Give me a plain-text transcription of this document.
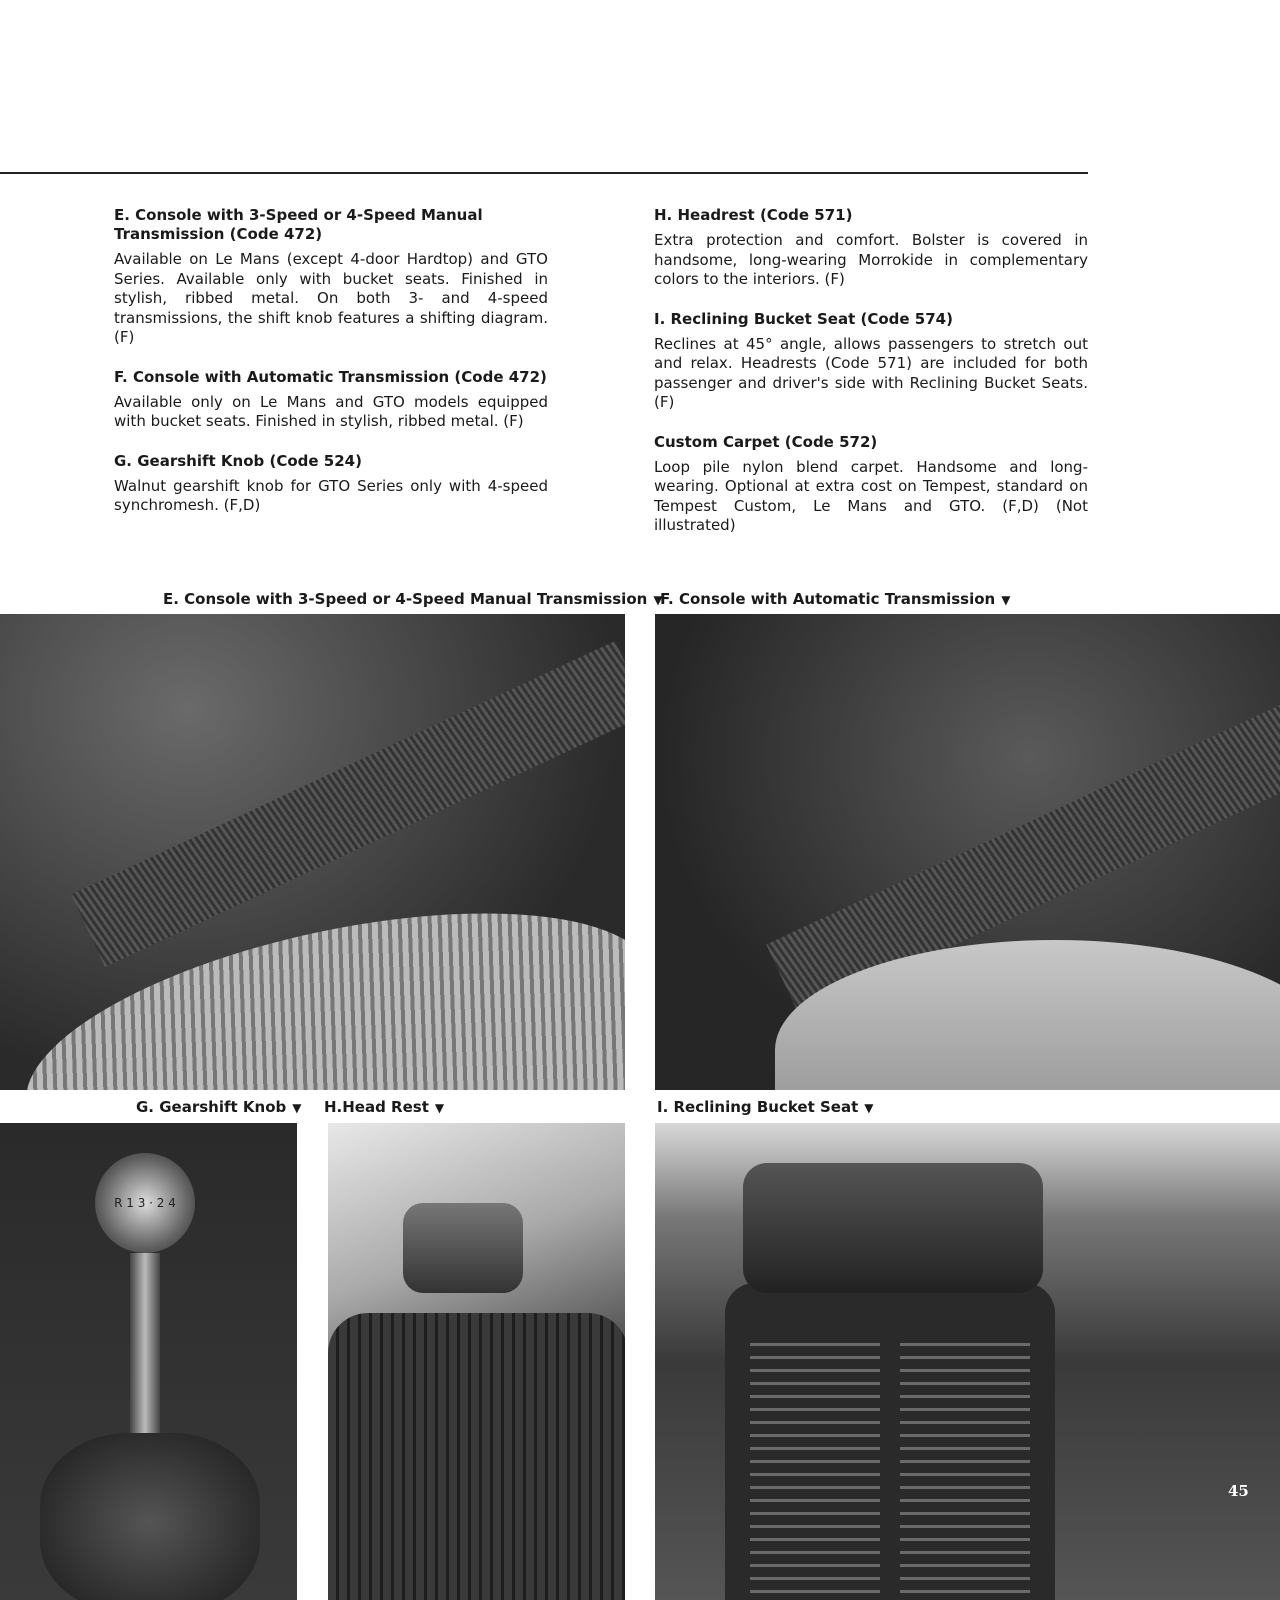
E. Console with 3-Speed or 4-Speed Manual Transmission (Code 472)

Available on Le Mans (except 4-door Hardtop) and GTO Series. Available only with bucket seats. Finished in stylish, ribbed metal. On both 3- and 4-speed transmissions, the shift knob features a shifting diagram. (F)

F. Console with Automatic Transmission (Code 472)

Available only on Le Mans and GTO models equipped with bucket seats. Finished in stylish, ribbed metal. (F)

G. Gearshift Knob (Code 524)

Walnut gearshift knob for GTO Series only with 4-speed synchromesh. (F,D)

H. Headrest (Code 571)

Extra protection and comfort. Bolster is covered in handsome, long-wearing Morrokide in complementary colors to the interiors. (F)

I. Reclining Bucket Seat (Code 574)

Reclines at 45° angle, allows passengers to stretch out and relax. Headrests (Code 571) are included for both passenger and driver's side with Reclining Bucket Seats. (F)

Custom Carpet (Code 572)

Loop pile nylon blend carpet. Handsome and long-wearing. Optional at extra cost on Tempest, standard on Tempest Custom, Le Mans and GTO. (F,D) (Not illustrated)

E. Console with 3-Speed or 4-Speed Manual Transmission ▼
F. Console with Automatic Transmission ▼
G. Gearshift Knob ▼ H.Head Rest ▼	I. Reclining Bucket Seat ▼
R 1 3 · 2 4
45
